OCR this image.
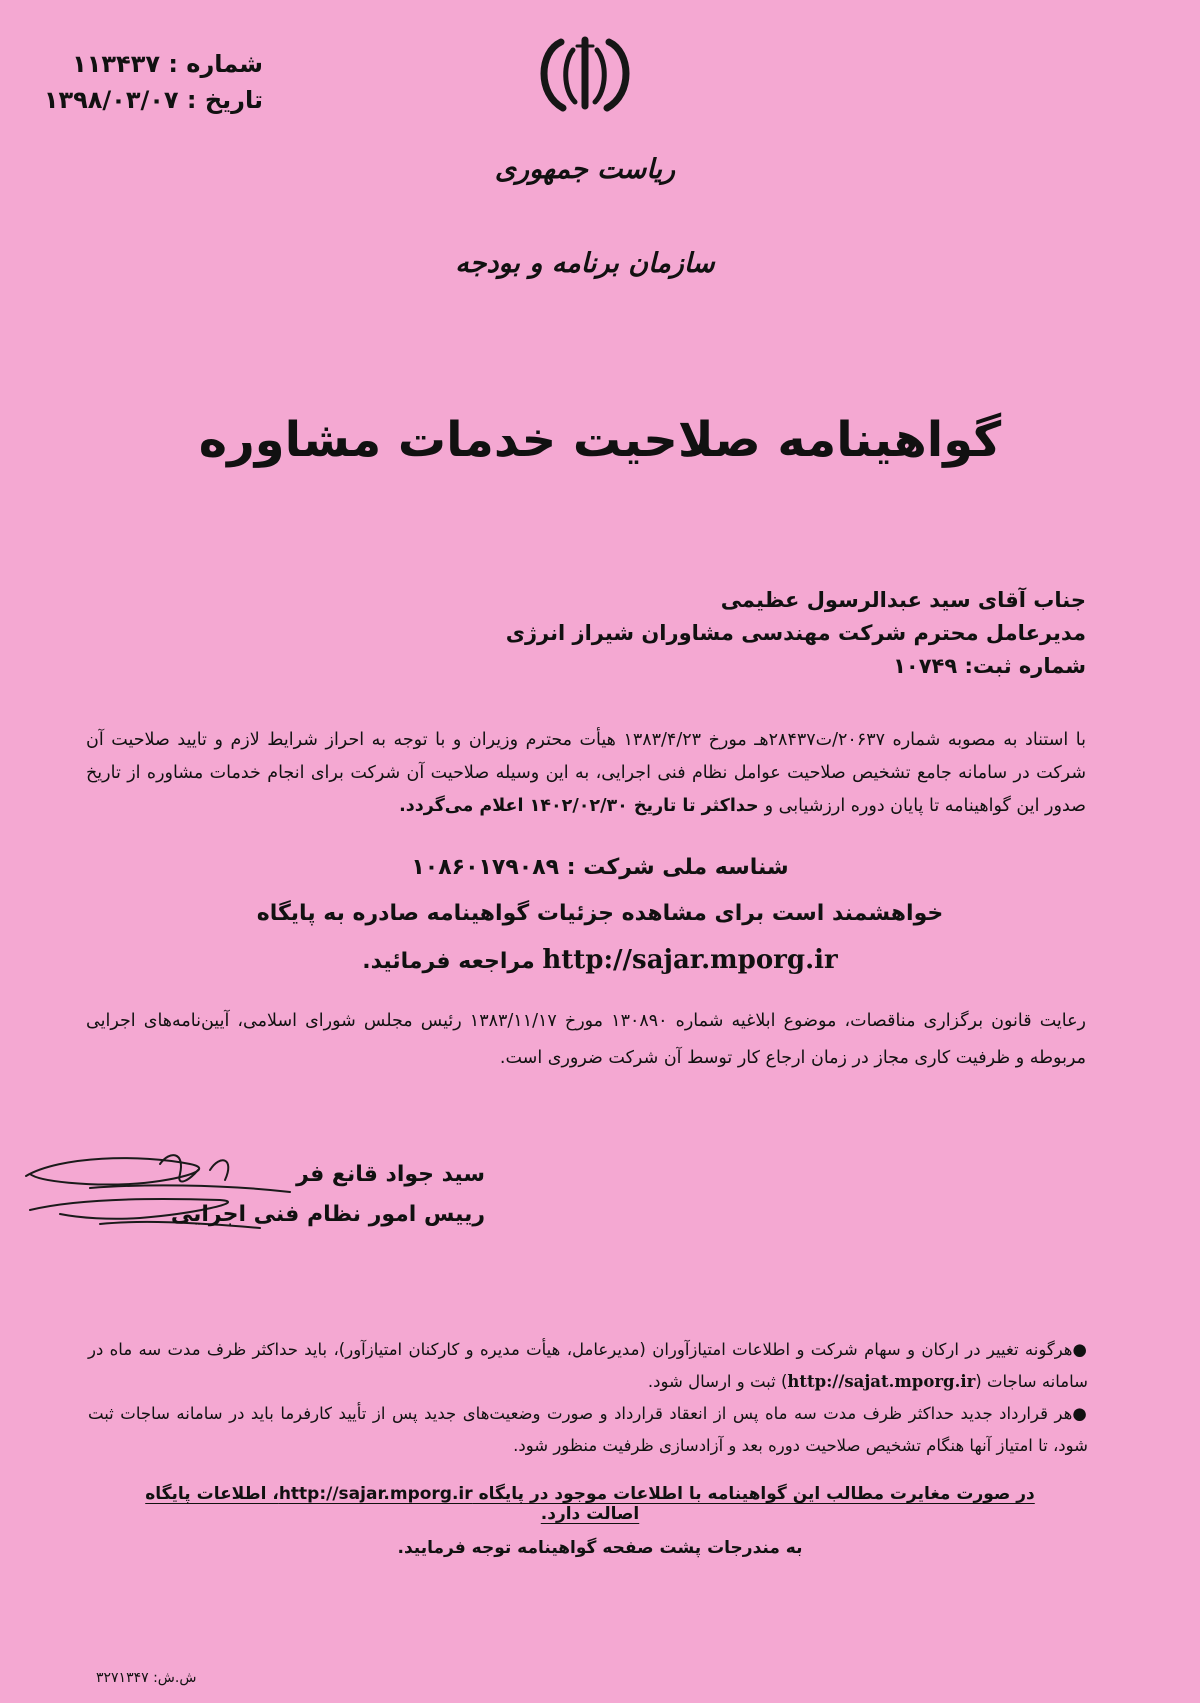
شماره : ۱۱۳۴۳۷
تاریخ : ۱۳۹۸/۰۳/۰۷
ریاست جمهوری
سازمان برنامه و بودجه
گواهینامه صلاحیت خدمات مشاوره
جناب آقای سید عبدالرسول عظیمی
مدیرعامل محترم شرکت مهندسی مشاوران شیراز انرژی
شماره ثبت: ۱۰۷۴۹
با استناد به مصوبه شماره ۲۰۶۳۷/ت۲۸۴۳۷هـ مورخ ۱۳۸۳/۴/۲۳ هیأت محترم وزیران و با توجه به احراز شرایط لازم و تایید صلاحیت آن شرکت در سامانه جامع تشخیص صلاحیت عوامل نظام فنی اجرایی، به این وسیله صلاحیت آن شرکت برای انجام خدمات مشاوره از تاریخ صدور این گواهینامه تا پایان دوره ارزشیابی و حداکثر تا تاریخ ۱۴۰۲/۰۲/۳۰ اعلام می‌گردد.
شناسه ملی شرکت : ۱۰۸۶۰۱۷۹۰۸۹
خواهشمند است برای مشاهده جزئیات گواهینامه صادره به پایگاه
http://sajar.mporg.ir مراجعه فرمائید.
رعایت قانون برگزاری مناقصات، موضوع ابلاغیه شماره ۱۳۰۸۹۰ مورخ ۱۳۸۳/۱۱/۱۷ رئیس مجلس شورای اسلامی، آیین‌نامه‌های اجرایی مربوطه و ظرفیت کاری مجاز در زمان ارجاع کار توسط آن شرکت ضروری است.
سید جواد قانع فر
رییس امور نظام فنی اجرایی

●هرگونه تغییر در ارکان و سهام شرکت و اطلاعات امتیازآوران (مدیرعامل، هیأت مدیره و کارکنان امتیازآور)، باید حداکثر ظرف مدت سه ماه در سامانه ساجات (http://sajat.mporg.ir) ثبت و ارسال شود.

●هر قرارداد جدید حداکثر ظرف مدت سه ماه پس از انعقاد قرارداد و صورت وضعیت‌های جدید پس از تأیید کارفرما باید در سامانه ساجات ثبت شود، تا امتیاز آنها هنگام تشخیص صلاحیت دوره بعد و آزادسازی ظرفیت منظور شود.

در صورت مغایرت مطالب این گواهینامه با اطلاعات موجود در پایگاه http://sajar.mporg.ir، اطلاعات پایگاه اصالت دارد.
به مندرجات پشت صفحه گواهینامه توجه فرمایید.
ش.ش: ۳۲۷۱۳۴۷
